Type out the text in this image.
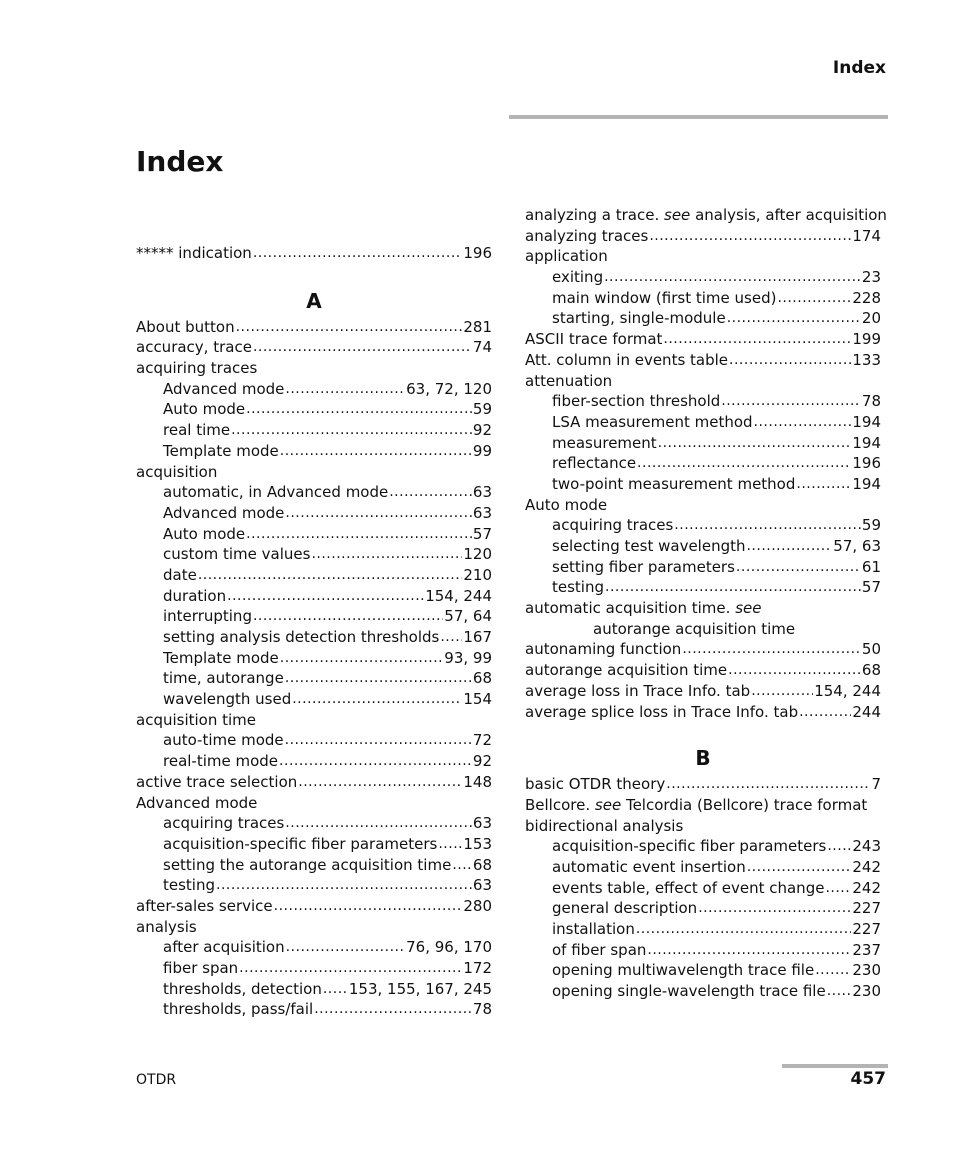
Index
Index
***** indication .....	196
A
About button .....	281
accuracy, trace .....	74
acquiring traces
Advanced mode .....	63, 72, 120
Auto mode .....	59
real time .....	92
Template mode .....	99
acquisition
automatic, in Advanced mode .....	63
Advanced mode .....	63
Auto mode .....	57
custom time values .....	120
date .....	210
duration .....	154, 244
interrupting .....	57, 64
setting analysis detection thresholds ..... 167
Template mode .....	93, 99
time, autorange .....	68
wavelength used .....	154
acquisition time
auto-time mode .....	72
real-time mode .....	92
active trace selection .....	148
Advanced mode
acquiring traces .....	63
acquisition-specific fiber parameters ..... 153
setting the autorange acquisition time ..... 68
testing .....	63
after-sales service .....	280
analysis
after acquisition .....	76, 96, 170
fiber span .....	172
thresholds, detection ..... 153, 155, 167, 245
thresholds, pass/fail .....	78
analyzing a trace. see analysis, after acquisition
analyzing traces .....	174
application
exiting .....	23
main window (first time used) .....	228
starting, single-module .....	20
ASCII trace format .....	199
Att. column in events table .....	133
attenuation
fiber-section threshold .....	78
LSA measurement method .....	194
measurement .....	194
reflectance .....	196
two-point measurement method .....	194
Auto mode
acquiring traces .....	59
selecting test wavelength .....	57, 63
setting fiber parameters .....	61
testing .....	57
automatic acquisition time. see
autorange acquisition time
autonaming function .....	50
autorange acquisition time .....	68
average loss in Trace Info. tab .....	154, 244
average splice loss in Trace Info. tab .....	244
B
basic OTDR theory .....	7
Bellcore. see Telcordia (Bellcore) trace format
bidirectional analysis
acquisition-specific fiber parameters ..... 243
automatic event insertion .....	242
events table, effect of event change ..... 242
general description .....	227
installation .....	227
of fiber span .....	237
opening multiwavelength trace file .....	230
opening single-wavelength trace file ..... 230
OTDR	457
